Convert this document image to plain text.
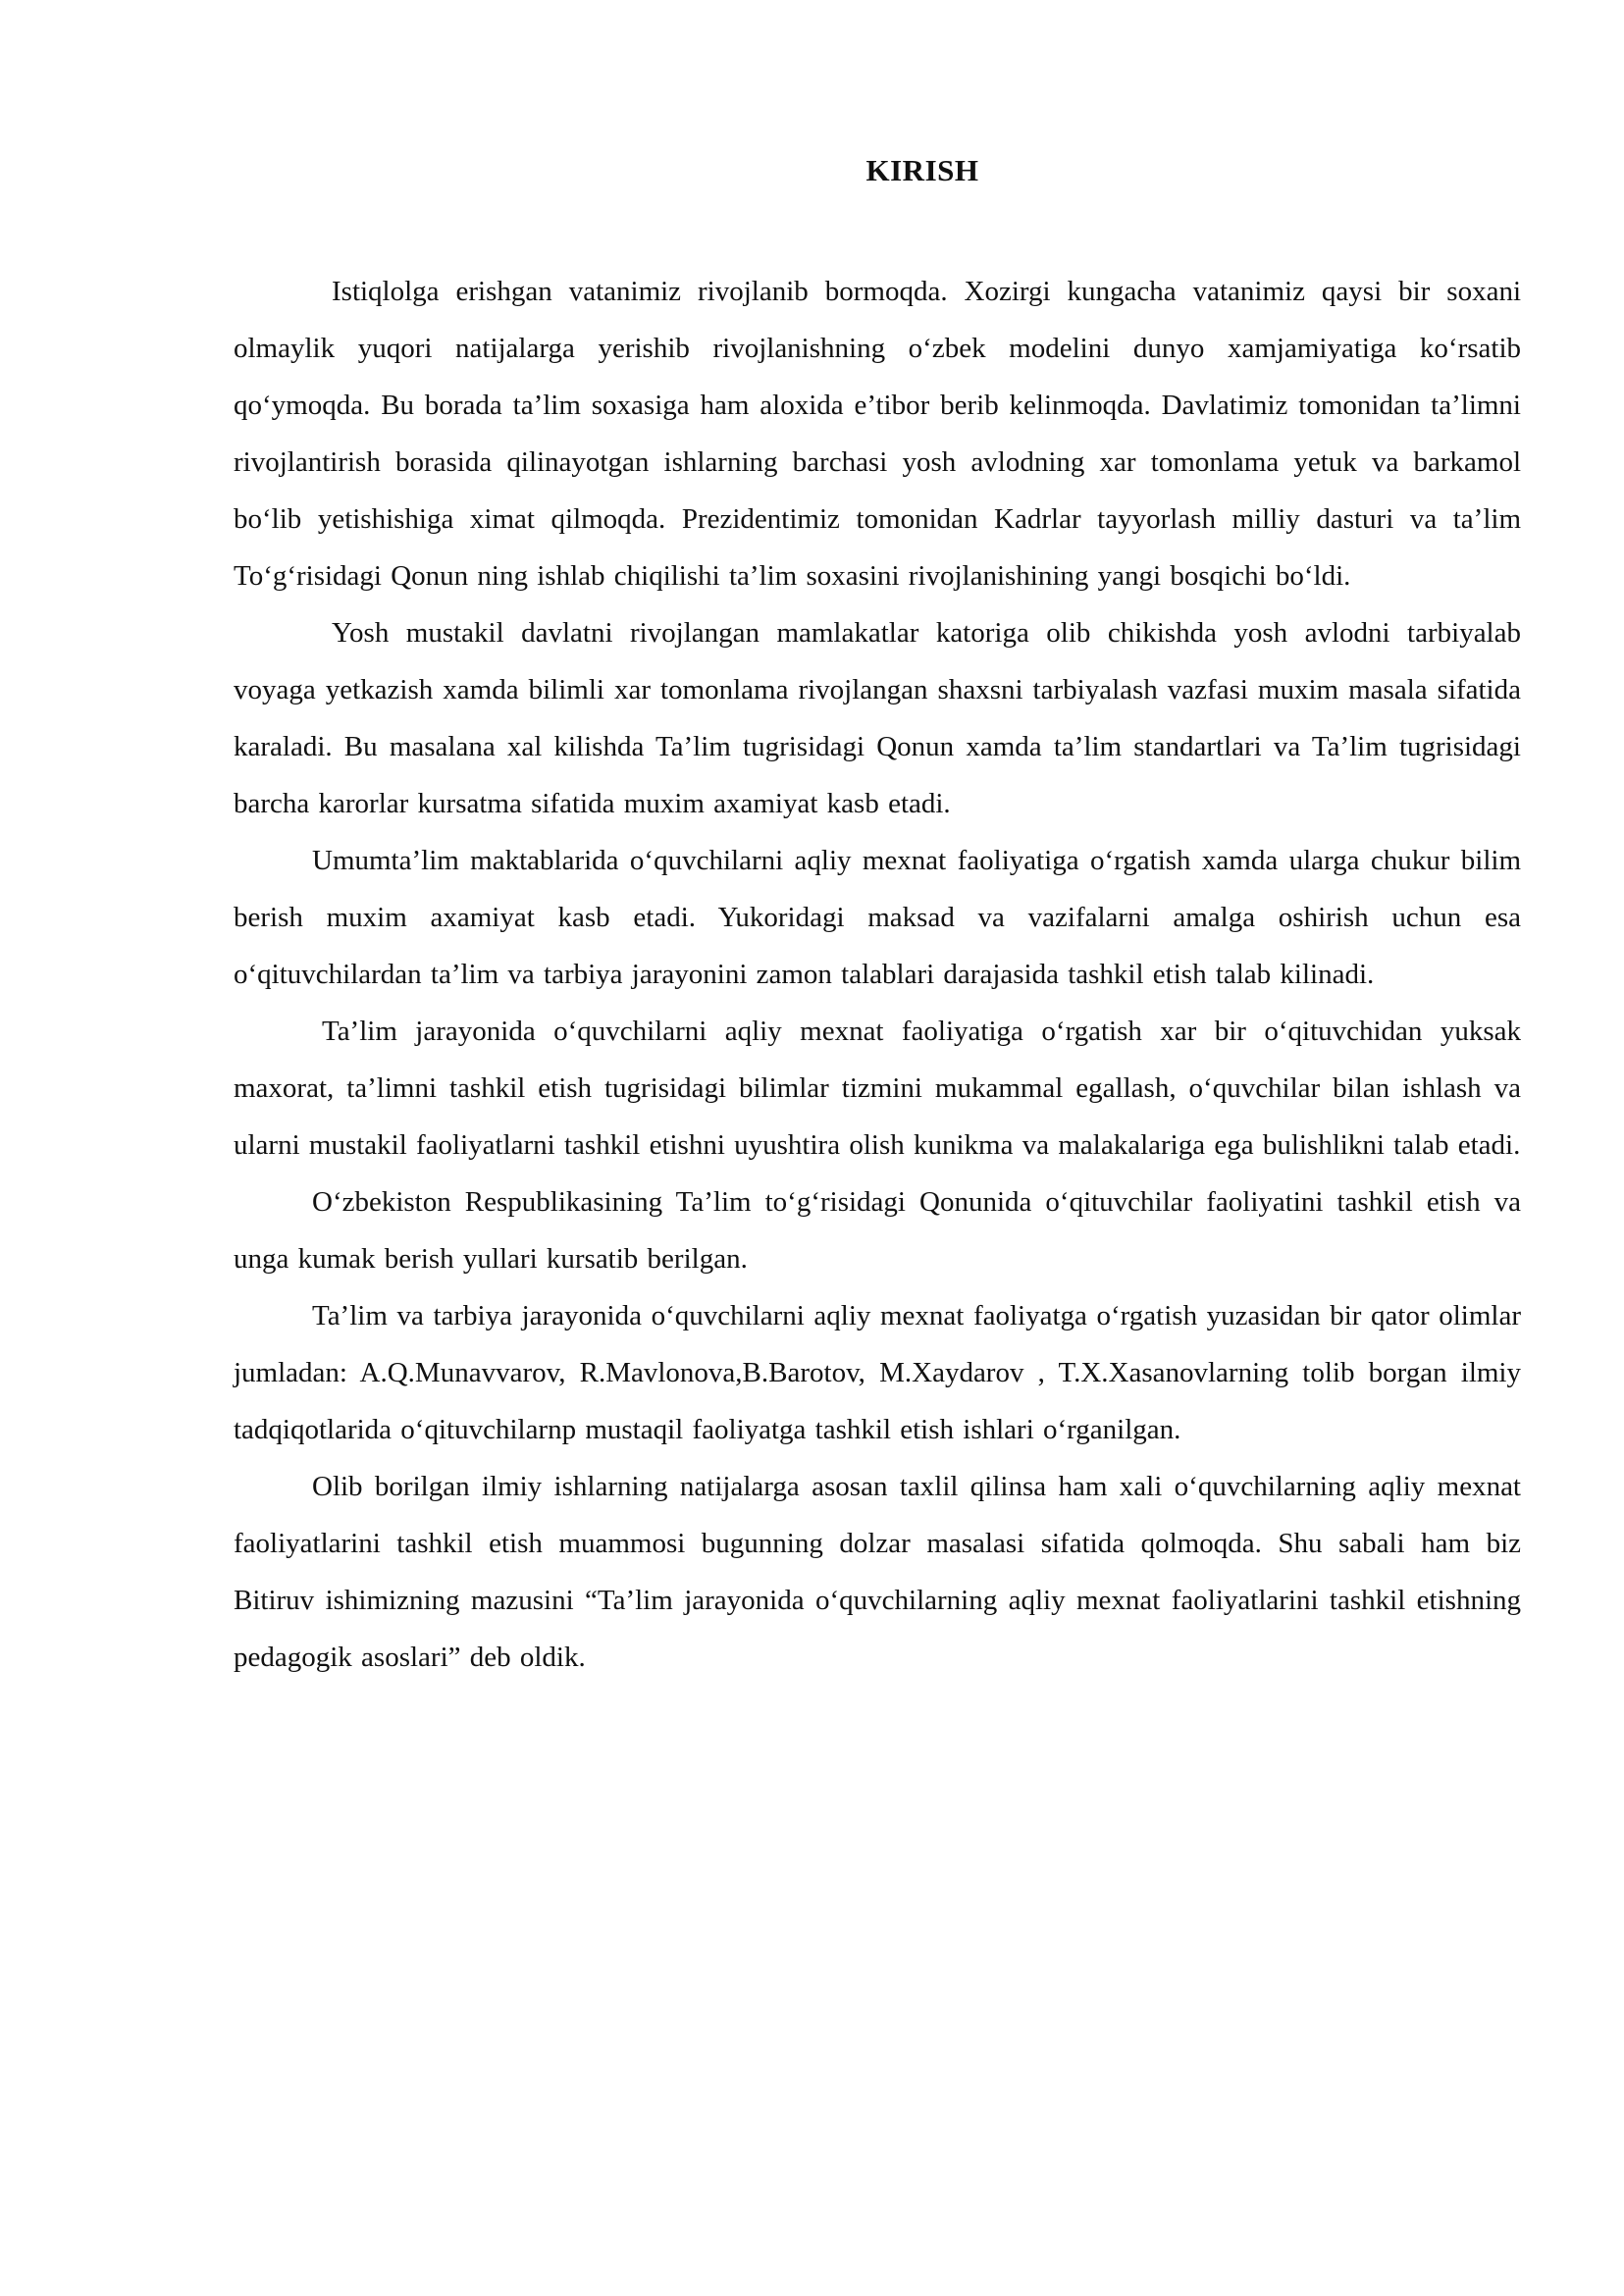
KIRISH

Istiqlolga erishgan vatanimiz rivojlanib bormoqda. Xozirgi kungacha vatanimiz qaysi bir soxani olmaylik yuqori natijalarga yerishib rivojlanishning o‘zbek modelini dunyo xamjamiyatiga ko‘rsatib qo‘ymoqda. Bu borada ta’lim soxasiga ham aloxida e’tibor berib kelinmoqda. Davlatimiz tomonidan ta’limni rivojlantirish borasida qilinayotgan ishlarning barchasi yosh avlodning xar tomonlama yetuk va barkamol bo‘lib yetishishiga ximat qilmoqda. Prezidentimiz tomonidan Kadrlar tayyorlash milliy dasturi va ta’lim To‘g‘risidagi Qonun ning ishlab chiqilishi ta’lim soxasini rivojlanishining yangi bosqichi bo‘ldi.

Yosh mustakil davlatni rivojlangan mamlakatlar katoriga olib chikishda yosh avlodni tarbiyalab voyaga yetkazish xamda bilimli xar tomonlama rivojlangan shaxsni tarbiyalash vazfasi muxim masala sifatida karaladi. Bu masalana xal kilishda Ta’lim tugrisidagi Qonun xamda ta’lim standartlari va Ta’lim tugrisidagi barcha karorlar kursatma sifatida muxim axamiyat kasb etadi.

Umumta’lim maktablarida o‘quvchilarni aqliy mexnat faoliyatiga o‘rgatish xamda ularga chukur bilim berish muxim axamiyat kasb etadi. Yukoridagi maksad va vazifalarni amalga oshirish uchun esa o‘qituvchilardan ta’lim va tarbiya jarayonini zamon talablari darajasida tashkil etish talab kilinadi.

Ta’lim jarayonida o‘quvchilarni aqliy mexnat faoliyatiga o‘rgatish xar bir o‘qituvchidan yuksak maxorat, ta’limni tashkil etish tugrisidagi bilimlar tizmini mukammal egallash, o‘quvchilar bilan ishlash va ularni mustakil faoliyatlarni tashkil etishni uyushtira olish kunikma va malakalariga ega bulishlikni talab etadi.

O‘zbekiston Respublikasining Ta’lim to‘g‘risidagi Qonunida o‘qituvchilar faoliyatini tashkil etish va unga kumak berish yullari kursatib berilgan.

Ta’lim va tarbiya jarayonida o‘quvchilarni aqliy mexnat faoliyatga o‘rgatish yuzasidan bir qator olimlar jumladan: A.Q.Munavvarov, R.Mavlonova,B.Barotov, M.Xaydarov , T.X.Xasanovlarning tolib borgan ilmiy tadqiqotlarida o‘qituvchilarnp mustaqil faoliyatga tashkil etish ishlari o‘rganilgan.

Olib borilgan ilmiy ishlarning natijalarga asosan taxlil qilinsa ham xali o‘quvchilarning aqliy mexnat faoliyatlarini tashkil etish muammosi bugunning dolzar masalasi sifatida qolmoqda. Shu sabali ham biz Bitiruv ishimizning mazusini “Ta’lim jarayonida o‘quvchilarning aqliy mexnat faoliyatlarini tashkil etishning pedagogik asoslari” deb oldik.
